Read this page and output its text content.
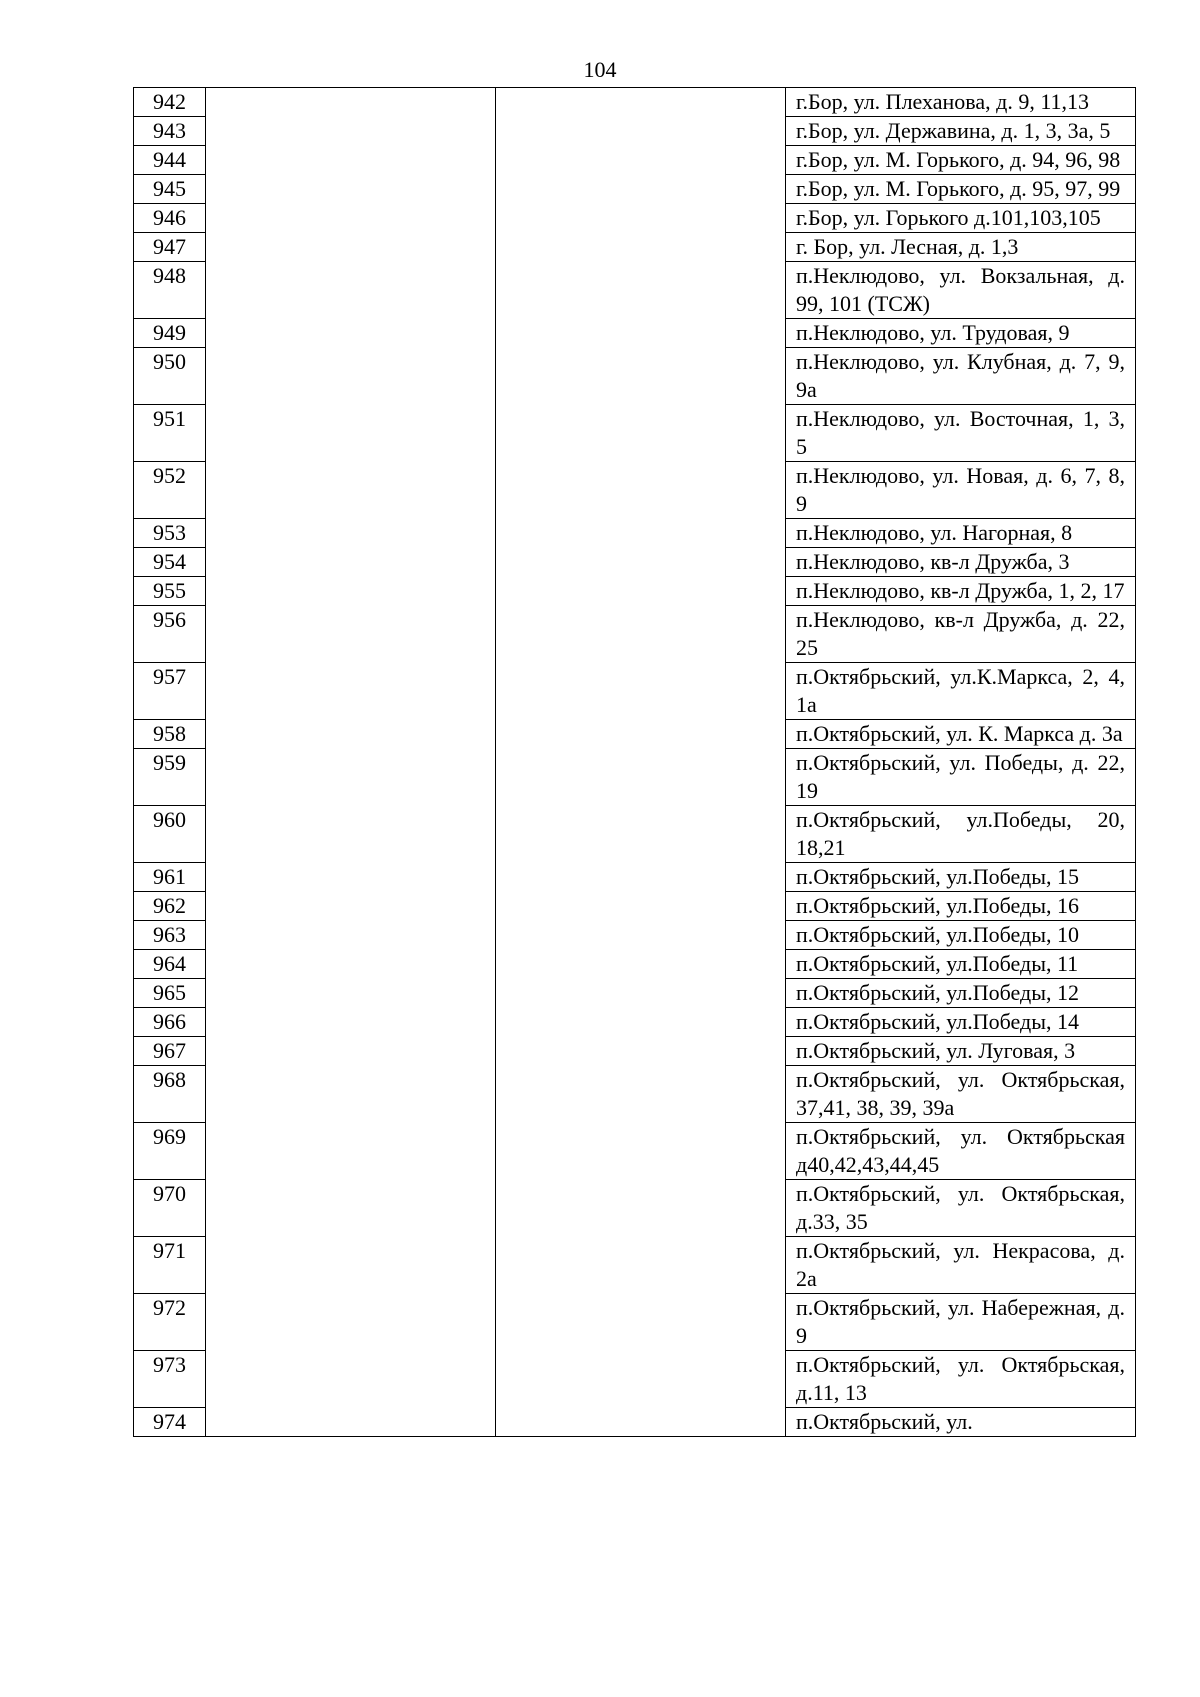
104
942			г.Бор, ул. Плеханова, д. 9, 11,13
943			г.Бор, ул. Державина, д. 1, 3, 3а, 5
944			г.Бор, ул. М. Горького, д. 94, 96, 98
945			г.Бор, ул. М. Горького, д. 95, 97, 99
946			г.Бор, ул. Горького д.101,103,105
947			г. Бор, ул. Лесная, д. 1,3
948			п.Неклюдово, ул. Вокзальная, д. 99, 101 (ТСЖ)
949			п.Неклюдово, ул. Трудовая, 9
950			п.Неклюдово, ул. Клубная, д. 7, 9, 9а
951			п.Неклюдово, ул. Восточная, 1, 3, 5
952			п.Неклюдово, ул. Новая, д. 6, 7, 8, 9
953			п.Неклюдово, ул. Нагорная, 8
954			п.Неклюдово, кв-л Дружба, 3
955			п.Неклюдово, кв-л Дружба, 1, 2, 17
956			п.Неклюдово, кв-л Дружба, д. 22, 25
957			п.Октябрьский, ул.К.Маркса, 2, 4, 1а
958			п.Октябрьский, ул. К. Маркса д. 3а
959			п.Октябрьский, ул. Победы, д. 22, 19
960			п.Октябрьский, ул.Победы, 20, 18,21
961			п.Октябрьский, ул.Победы, 15
962			п.Октябрьский, ул.Победы, 16
963			п.Октябрьский, ул.Победы, 10
964			п.Октябрьский, ул.Победы, 11
965			п.Октябрьский, ул.Победы, 12
966			п.Октябрьский, ул.Победы, 14
967			п.Октябрьский, ул. Луговая, 3
968			п.Октябрьский, ул. Октябрьская, 37,41, 38, 39, 39а
969			п.Октябрьский, ул. Октябрьская д40,42,43,44,45
970			п.Октябрьский, ул. Октябрьская, д.33, 35
971			п.Октябрьский, ул. Некрасова, д. 2а
972			п.Октябрьский, ул. Набережная, д. 9
973			п.Октябрьский, ул. Октябрьская, д.11, 13
974			п.Октябрьский, ул.
